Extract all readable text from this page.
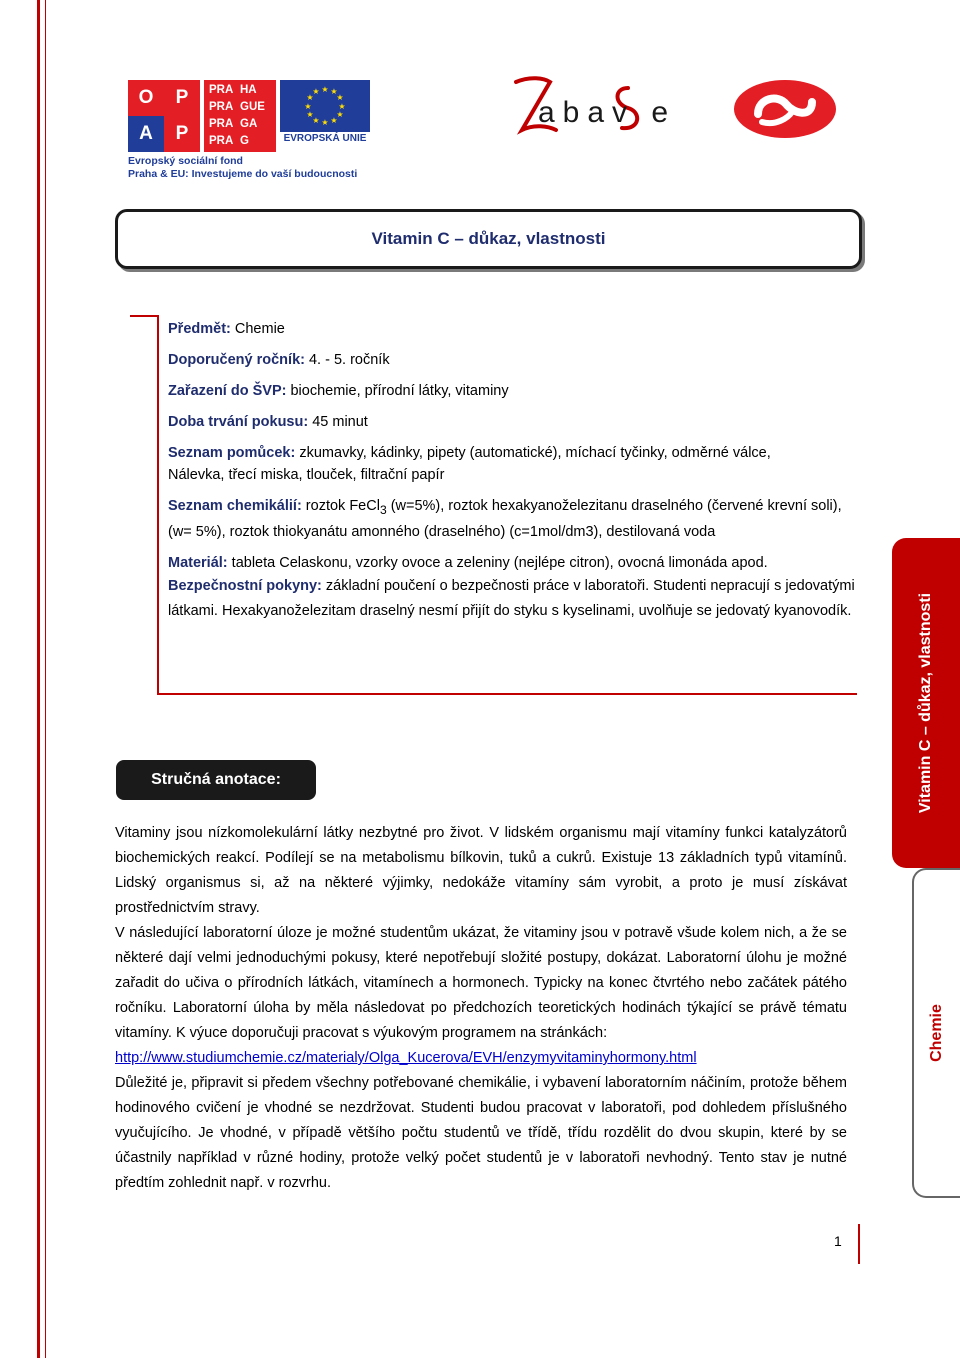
O	P
A	P
PRA HA
PRA GUE
PRA GA
PRA G
★ ★
★
★
★
★
★
★
★
★
★
★
EVROPSKÁ UNIE
Evropský sociální fond
Praha & EU: Investujeme do vaší budoucnosti
abav e
Vitamin C – důkaz, vlastnosti

Předmět: Chemie

Doporučený ročník: 4. - 5. ročník

Zařazení do ŠVP: biochemie, přírodní látky, vitaminy

Doba trvání pokusu: 45 minut

Seznam pomůcek: zkumavky, kádinky, pipety (automatické), míchací tyčinky, odměrné válce,

Nálevka, třecí miska, tlouček, filtrační papír

Seznam chemikálií: roztok FeCl$_3$ (w=5%), roztok hexakyanoželezitanu draselného (červené krevní soli), (w= 5%), roztok thiokyanátu amonného (draselného) (c=1mol/dm3), destilovaná voda

Materiál: tableta Celaskonu, vzorky ovoce a zeleniny (nejlépe citron), ovocná limonáda apod.

Bezpečnostní pokyny: základní poučení o bezpečnosti práce v laboratoři. Studenti nepracují s jedovatými látkami. Hexakyanoželezitam draselný nesmí přijít do styku s kyselinami, uvolňuje se jedovatý kyanovodík.

Stručná anotace:

Vitaminy jsou nízkomolekulární látky nezbytné pro život. V lidském organismu mají vitamíny funkci katalyzátorů biochemických reakcí. Podílejí se na metabolismu bílkovin, tuků a cukrů. Existuje 13 základních typů vitamínů. Lidský organismus si, až na některé výjimky, nedokáže vitamíny sám vyrobit, a proto je musí získávat prostřednictvím stravy.

V následující laboratorní úloze je možné studentům ukázat, že vitaminy jsou v potravě všude kolem nich, a že se některé dají velmi jednoduchými pokusy, které nepotřebují složité postupy, dokázat. Laboratorní úlohu je možné zařadit do učiva o přírodních látkách, vitamínech a hormonech. Typicky na konec čtvrtého nebo začátek pátého ročníku. Laboratorní úloha by měla následovat po předchozích teoretických hodinách týkající se právě tématu vitamíny. K výuce doporučuji pracovat s výukovým programem na stránkách:

http://www.studiumchemie.cz/materialy/Olga_Kucerova/EVH/enzymyvitaminyhormony.html

Důležité je, připravit si předem všechny potřebované chemikálie, i vybavení laboratorním náčiním, protože během hodinového cvičení je vhodné se nezdržovat. Studenti budou pracovat v laboratoři, pod dohledem příslušného vyučujícího. Je vhodné, v případě většího počtu studentů ve třídě, třídu rozdělit do dvou skupin, které by se účastnily například v různé hodiny, protože velký počet studentů je v laboratoři nevhodný. Tento stav je nutné předtím zohlednit např. v rozvrhu.

Vitamin C – důkaz, vlastnosti
Chemie
1
